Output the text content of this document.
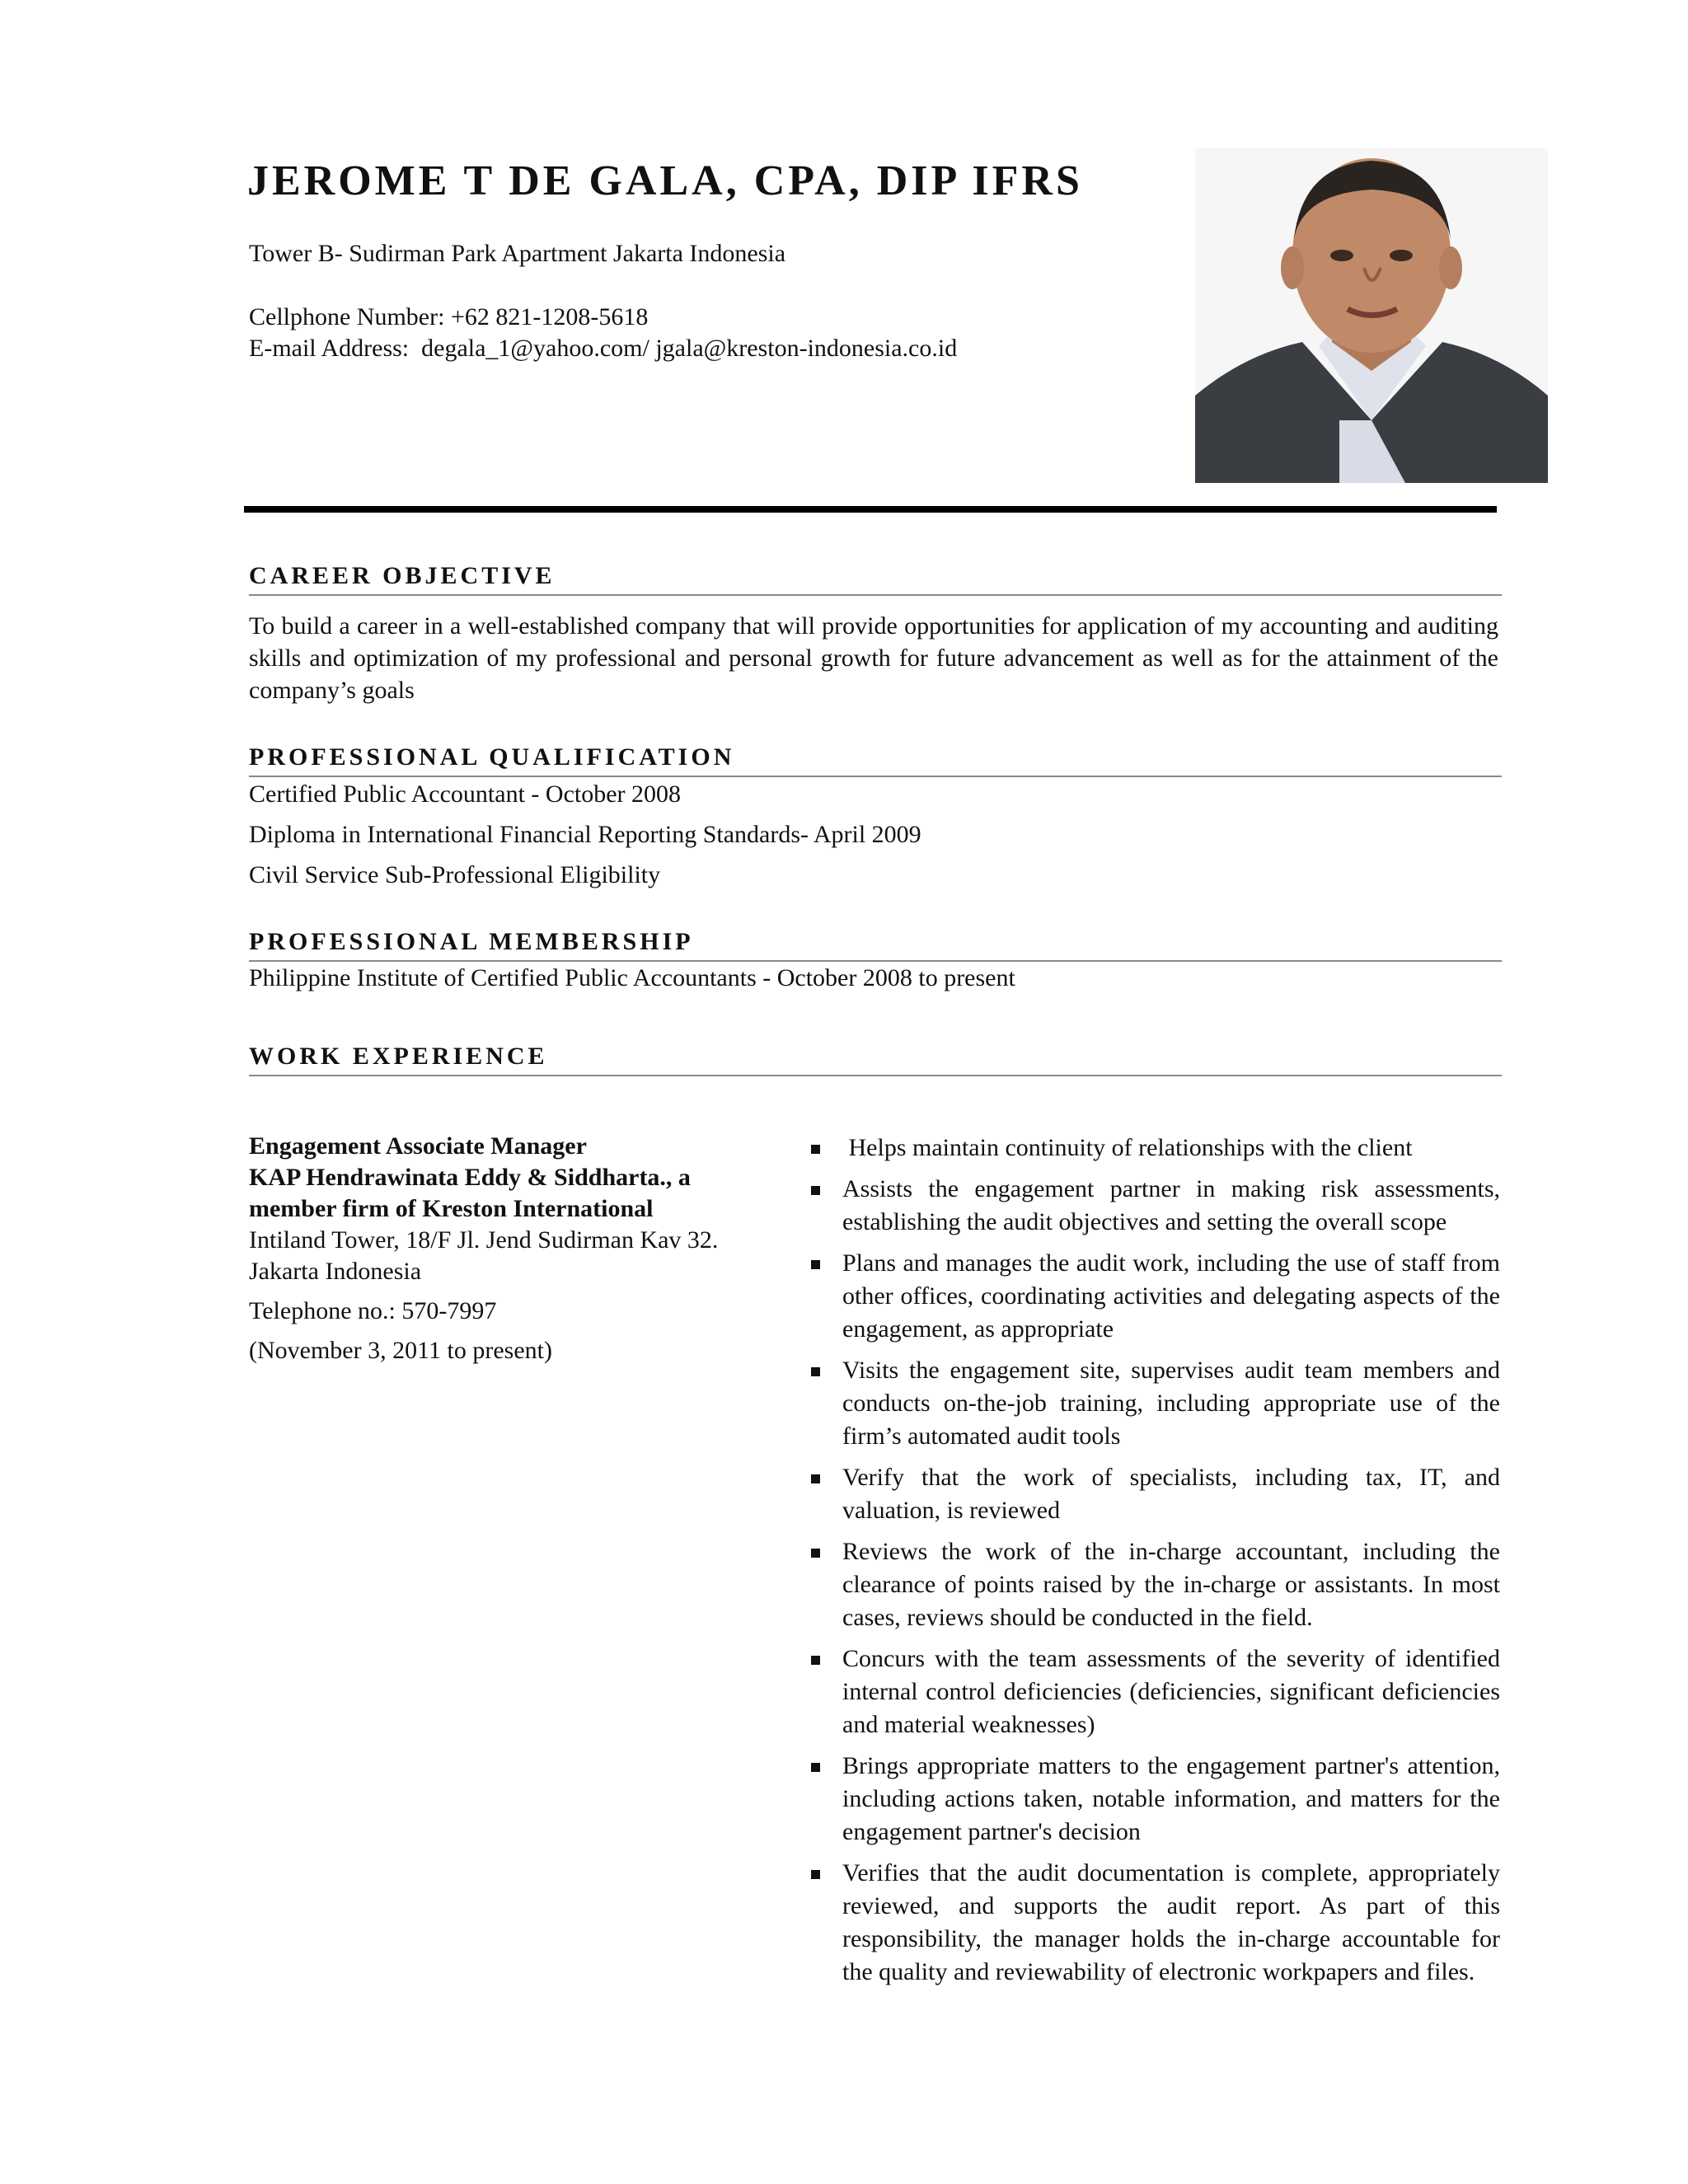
JEROME T DE GALA, CPA, DIP IFRS
Tower B- Sudirman Park Apartment Jakarta Indonesia
Cellphone Number: +62 821-1208-5618
E-mail Address:  degala_1@yahoo.com/ jgala@kreston-indonesia.co.id
CAREER OBJECTIVE
To build a career in a well-established company that will provide opportunities for application of my accounting and auditing skills and optimization of my professional and personal growth for future advancement as well as for the attainment of the company’s goals
PROFESSIONAL QUALIFICATION
Certified Public Accountant - October 2008
Diploma in International Financial Reporting Standards- April 2009
Civil Service Sub-Professional Eligibility
PROFESSIONAL MEMBERSHIP
Philippine Institute of Certified Public Accountants - October 2008 to present
WORK EXPERIENCE
Engagement Associate Manager
KAP Hendrawinata Eddy & Siddharta., a
member firm of Kreston International
Intiland Tower, 18/F Jl. Jend Sudirman Kav 32. Jakarta Indonesia
Telephone no.: 570-7997
(November 3, 2011 to present)
Helps maintain continuity of relationships with the client
Assists the engagement partner in making risk assessments, establishing the audit objectives and setting the overall scope
Plans and manages the audit work, including the use of staff from other offices, coordinating activities and delegating aspects of the engagement, as appropriate
Visits the engagement site, supervises audit team members and conducts on-the-job training, including appropriate use of the firm’s automated audit tools
Verify that the work of specialists, including tax, IT, and valuation, is reviewed
Reviews the work of the in-charge accountant, including the clearance of points raised by the in-charge or assistants. In most cases, reviews should be conducted in the field.
Concurs with the team assessments of the severity of identified internal control deficiencies (deficiencies, significant deficiencies and material weaknesses)
Brings appropriate matters to the engagement partner's attention, including actions taken, notable information, and matters for the engagement partner's decision
Verifies that the audit documentation is complete, appropriately reviewed, and supports the audit report. As part of this responsibility, the manager holds the in-charge accountable for the quality and reviewability of electronic workpapers and files.
